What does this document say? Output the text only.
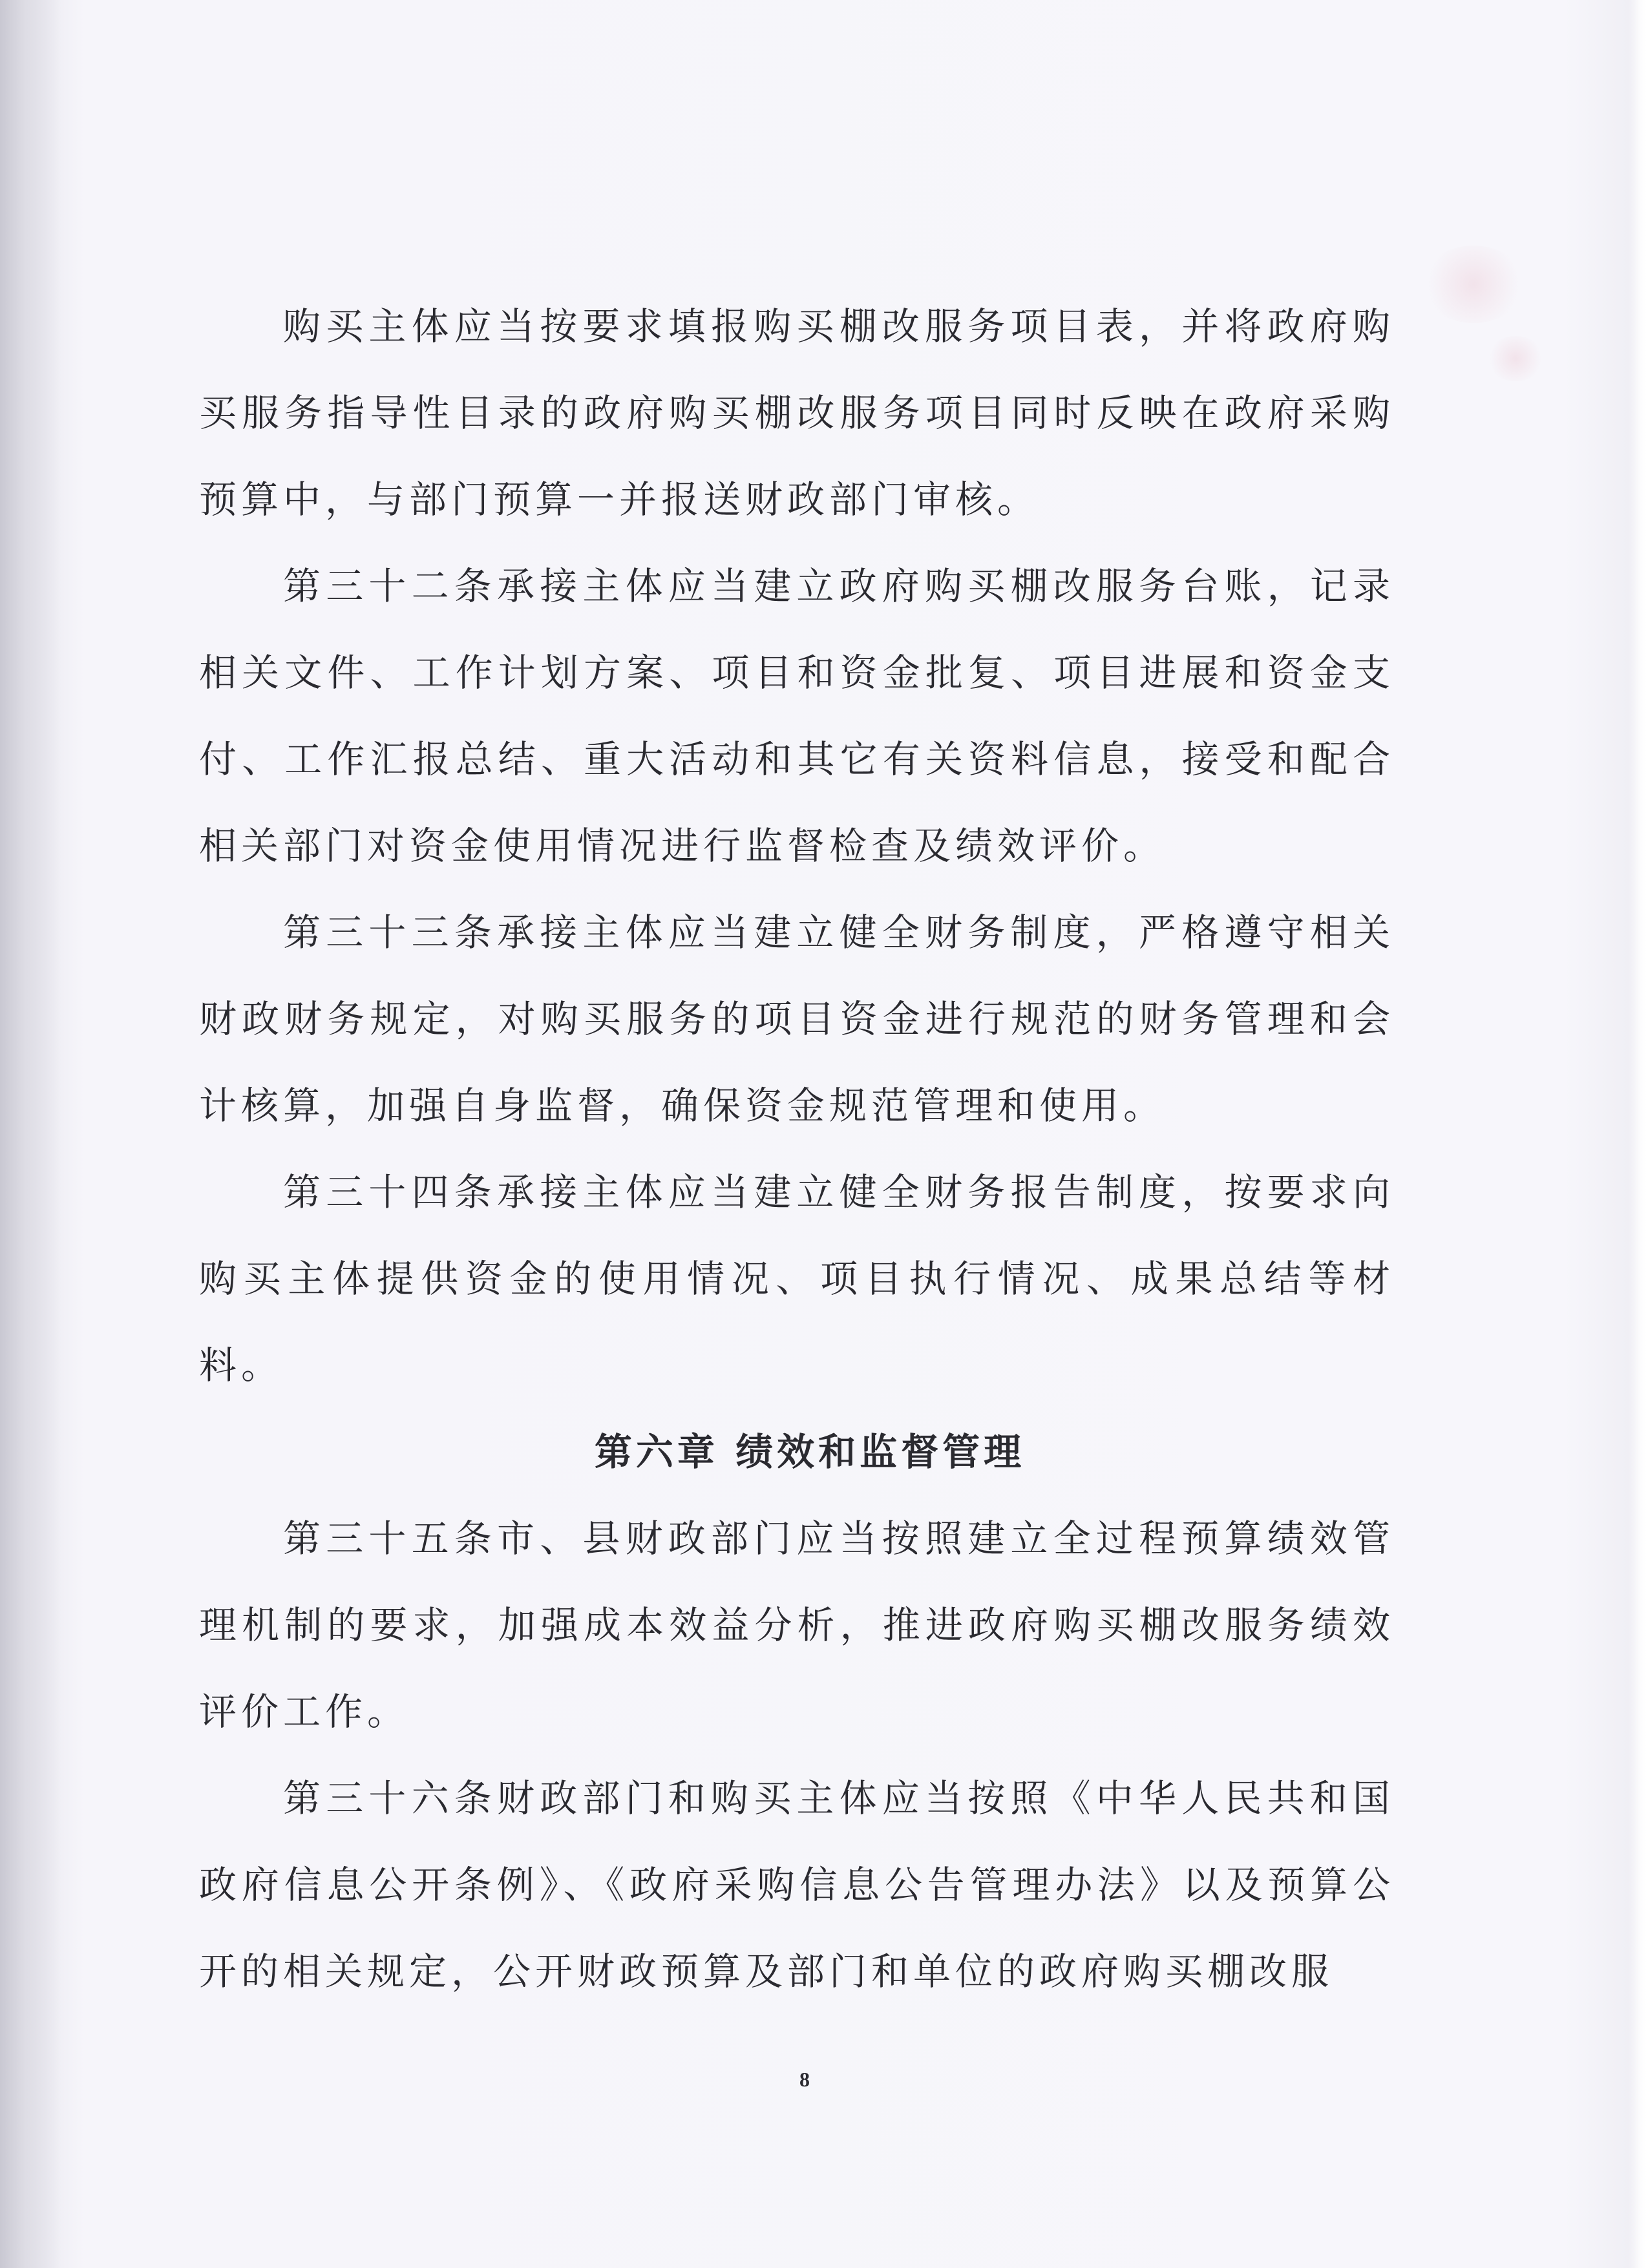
购买主体应当按要求填报购买棚改服务项目表，并将政府购买服务指导性目录的政府购买棚改服务项目同时反映在政府采购预算中，与部门预算一并报送财政部门审核。

第三十二条承接主体应当建立政府购买棚改服务台账，记录相关文件、工作计划方案、项目和资金批复、项目进展和资金支付、工作汇报总结、重大活动和其它有关资料信息，接受和配合相关部门对资金使用情况进行监督检查及绩效评价。

第三十三条承接主体应当建立健全财务制度，严格遵守相关财政财务规定，对购买服务的项目资金进行规范的财务管理和会计核算，加强自身监督，确保资金规范管理和使用。

第三十四条承接主体应当建立健全财务报告制度，按要求向购买主体提供资金的使用情况、项目执行情况、成果总结等材料。

第六章 绩效和监督管理

第三十五条市、县财政部门应当按照建立全过程预算绩效管理机制的要求，加强成本效益分析，推进政府购买棚改服务绩效评价工作。

第三十六条财政部门和购买主体应当按照《中华人民共和国政府信息公开条例》、《政府采购信息公告管理办法》以及预算公开的相关规定，公开财政预算及部门和单位的政府购买棚改服

8
